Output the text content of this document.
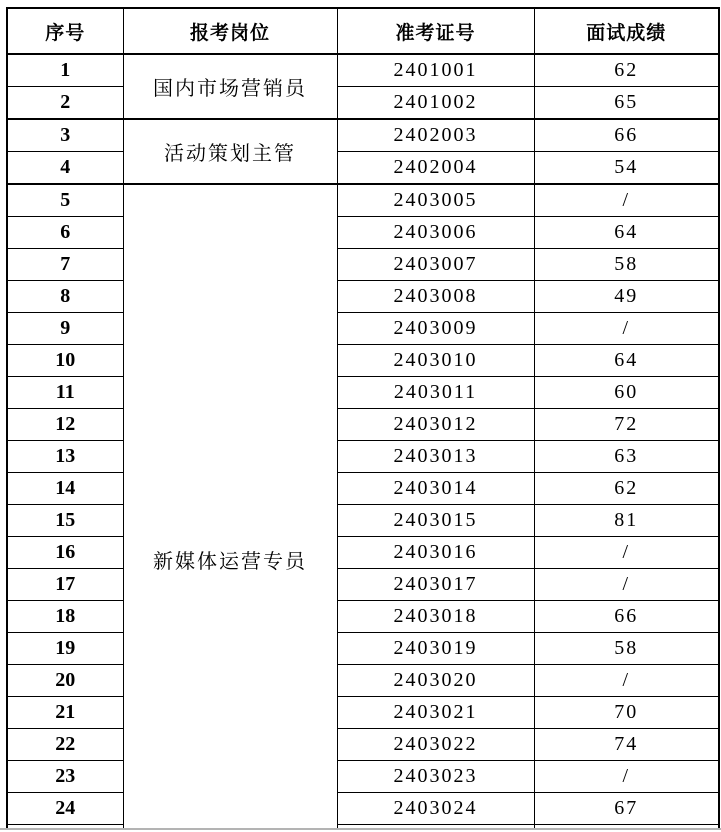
序号	报考岗位	准考证号	面试成绩
1	国内市场营销员	2401001	62
2		2401002	65
3	活动策划主管	2402003	66
4		2402004	54
5	新媒体运营专员	2403005	/
6		2403006	64
7		2403007	58
8		2403008	49
9		2403009	/
10		2403010	64
11		2403011	60
12		2403012	72
13		2403013	63
14		2403014	62
15		2403015	81
16		2403016	/
17		2403017	/
18		2403018	66
19		2403019	58
20		2403020	/
21		2403021	70
22		2403022	74
23		2403023	/
24		2403024	67
